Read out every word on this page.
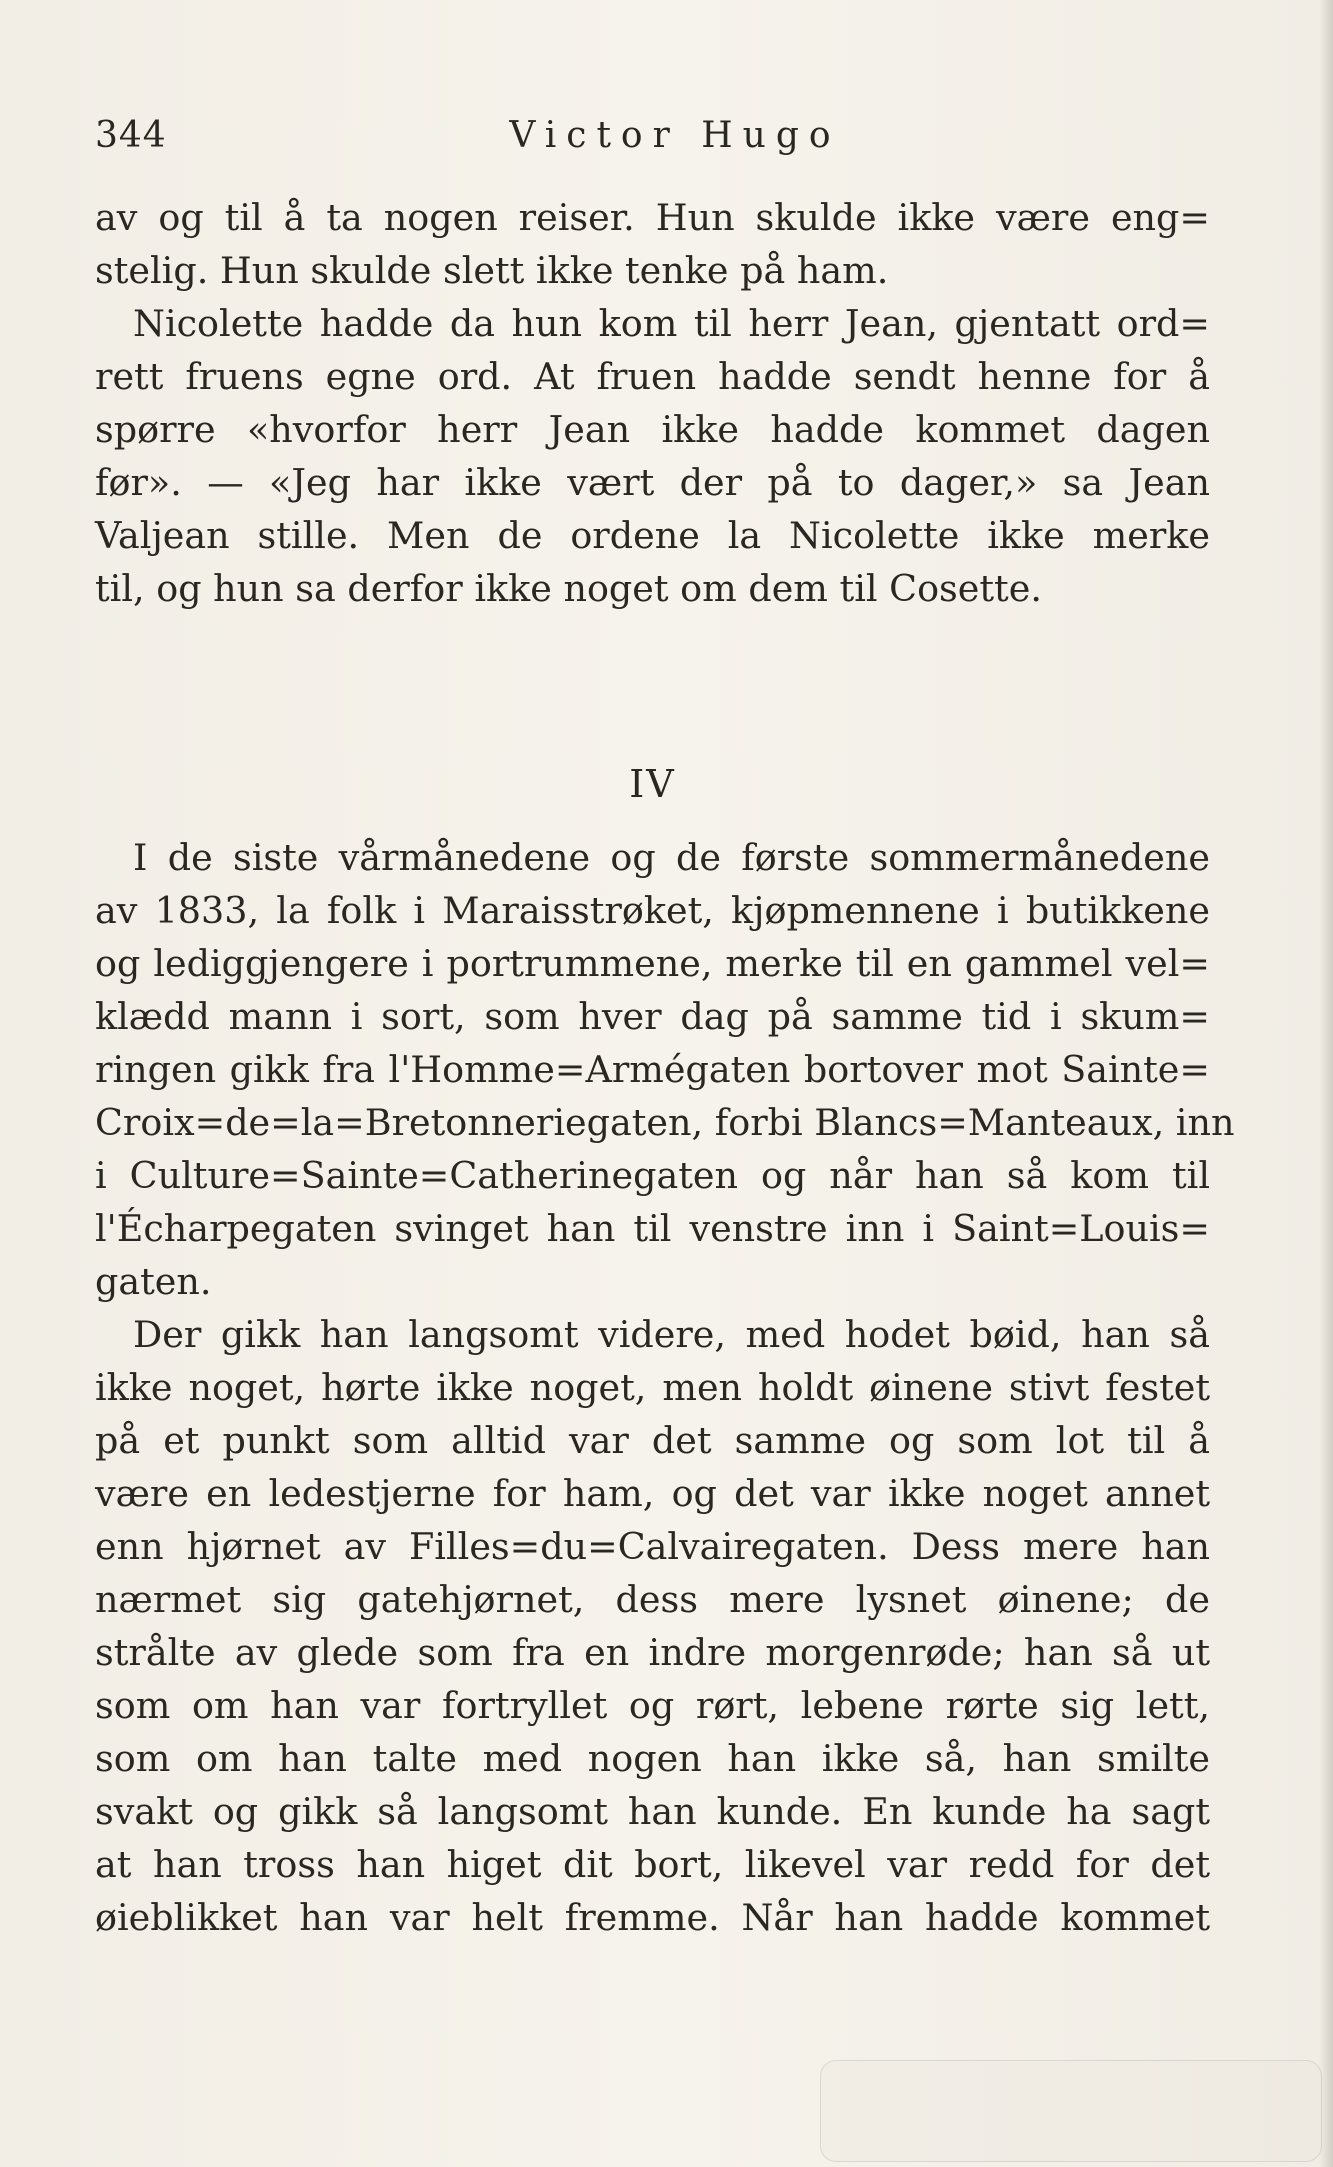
344	Victor Hugo
av og til å ta nogen reiser. Hun skulde ikke være eng=
stelig. Hun skulde slett ikke tenke på ham.
Nicolette hadde da hun kom til herr Jean, gjentatt ord=
rett fruens egne ord. At fruen hadde sendt henne for å
spørre «hvorfor herr Jean ikke hadde kommet dagen
før». — «Jeg har ikke vært der på to dager,» sa Jean
Valjean stille. Men de ordene la Nicolette ikke merke
til, og hun sa derfor ikke noget om dem til Cosette.
IV
I de siste vårmånedene og de første sommermånedene
av 1833, la folk i Maraisstrøket, kjøpmennene i butikkene
og lediggjengere i portrummene, merke til en gammel vel=
klædd mann i sort, som hver dag på samme tid i skum=
ringen gikk fra l'Homme=Armégaten bortover mot Sainte=
Croix=de=la=Bretonneriegaten, forbi Blancs=Manteaux, inn
i Culture=Sainte=Catherinegaten og når han så kom til
l'Écharpegaten svinget han til venstre inn i Saint=Louis=
gaten.
Der gikk han langsomt videre, med hodet bøid, han så
ikke noget, hørte ikke noget, men holdt øinene stivt festet
på et punkt som alltid var det samme og som lot til å
være en ledestjerne for ham, og det var ikke noget annet
enn hjørnet av Filles=du=Calvairegaten. Dess mere han
nærmet sig gatehjørnet, dess mere lysnet øinene; de
strålte av glede som fra en indre morgenrøde; han så ut
som om han var fortryllet og rørt, lebene rørte sig lett,
som om han talte med nogen han ikke så, han smilte
svakt og gikk så langsomt han kunde. En kunde ha sagt
at han tross han higet dit bort, likevel var redd for det
øieblikket han var helt fremme. Når han hadde kommet
